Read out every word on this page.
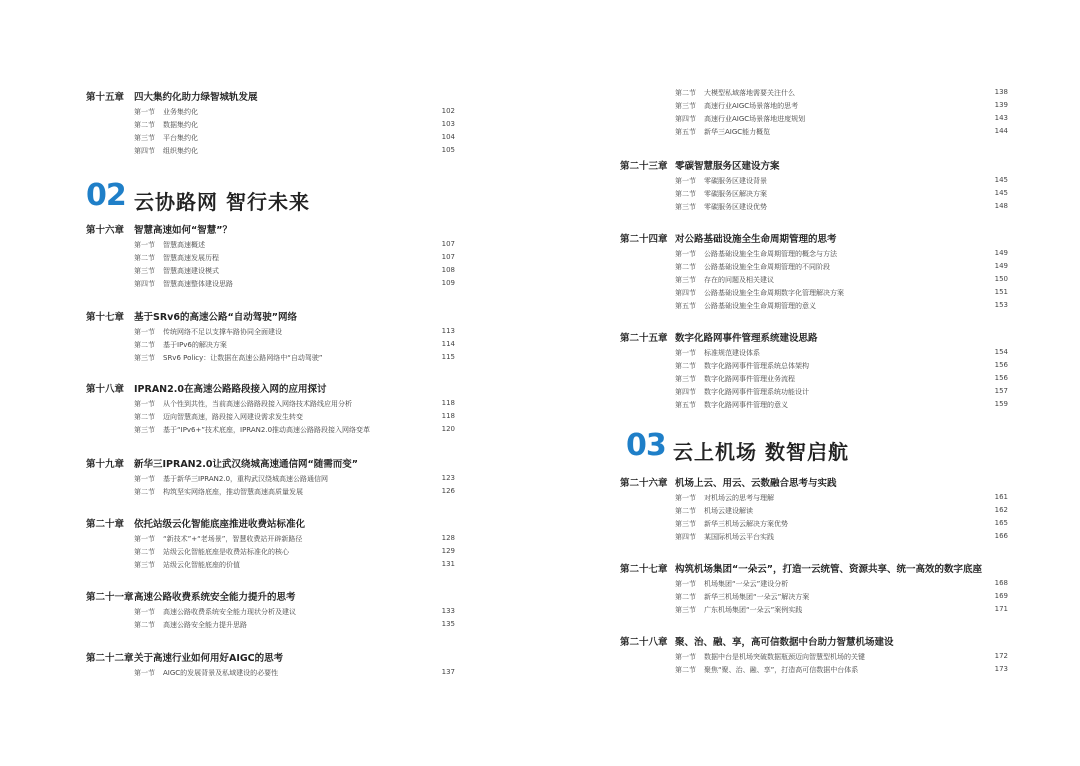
第十五章 四大集约化助力绿智城轨发展
第一节 业务集约化	102
第二节 数据集约化	103
第三节 平台集约化	104
第四节 组织集约化	105
02 云协路网 智行未来
第十六章 智慧高速如何“智慧”？
第一节 智慧高速概述	107
第二节 智慧高速发展历程	107
第三节 智慧高速建设模式	108
第四节 智慧高速整体建设思路	109
第十七章 基于SRv6的高速公路“自动驾驶”网络
第一节 传统网络不足以支撑车路协同全面建设	113
第二节 基于IPv6的解决方案	114
第三节 SRv6 Policy：让数据在高速公路网络中“自动驾驶”	115
第十八章 IPRAN2.0在高速公路路段接入网的应用探讨
第一节 从个性到共性，当前高速公路路段接入网络技术路线应用分析	118
第二节 迈向智慧高速，路段接入网建设需求发生转变	118
第三节 基于“IPv6+”技术底座，IPRAN2.0推动高速公路路段接入网络变革	120
第十九章 新华三IPRAN2.0让武汉绕城高速通信网“随需而变”
第一节 基于新华三IPRAN2.0，重构武汉绕城高速公路通信网	123
第二节 构筑坚实网络底座，推动智慧高速高质量发展	126
第二十章 依托站级云化智能底座推进收费站标准化
第一节 “新技术”+“老场景”，智慧收费站开辟新路径	128
第二节 站级云化智能底座是收费站标准化的核心	129
第三节 站级云化智能底座的价值	131
第二十一章 高速公路收费系统安全能力提升的思考
第一节 高速公路收费系统安全能力现状分析及建议	133
第二节 高速公路安全能力提升思路	135
第二十二章 关于高速行业如何用好AIGC的思考
第一节 AIGC的发展背景及私域建设的必要性	137
第二节 大模型私域落地需要关注什么	138
第三节 高速行业AIGC场景落地的思考	139
第四节 高速行业AIGC场景落地进度规划	143
第五节 新华三AIGC能力概览	144
第二十三章 零碳智慧服务区建设方案
第一节 零碳服务区建设背景	145
第二节 零碳服务区解决方案	145
第三节 零碳服务区建设优势	148
第二十四章 对公路基础设施全生命周期管理的思考
第一节 公路基础设施全生命周期管理的概念与方法	149
第二节 公路基础设施全生命周期管理的不同阶段	149
第三节 存在的问题及相关建议	150
第四节 公路基础设施全生命周期数字化管理解决方案	151
第五节 公路基础设施全生命周期管理的意义	153
第二十五章 数字化路网事件管理系统建设思路
第一节 标准规范建设体系	154
第二节 数字化路网事件管理系统总体架构	156
第三节 数字化路网事件管理业务流程	156
第四节 数字化路网事件管理系统功能设计	157
第五节 数字化路网事件管理的意义	159
03 云上机场 数智启航
第二十六章 机场上云、用云、云数融合思考与实践
第一节 对机场云的思考与理解	161
第二节 机场云建设解读	162
第三节 新华三机场云解决方案优势	165
第四节 某国际机场云平台实践	166
第二十七章 构筑机场集团“一朵云”，打造一云统管、资源共享、统一高效的数字底座
第一节 机场集团“一朵云”建设分析	168
第二节 新华三机场集团“一朵云”解决方案	169
第三节 广东机场集团“一朵云”案例实践	171
第二十八章 聚、治、融、享，高可信数据中台助力智慧机场建设
第一节 数据中台是机场突破数据瓶颈迈向智慧型机场的关键	172
第二节 聚焦“聚、治、融、享”，打造高可信数据中台体系	173
